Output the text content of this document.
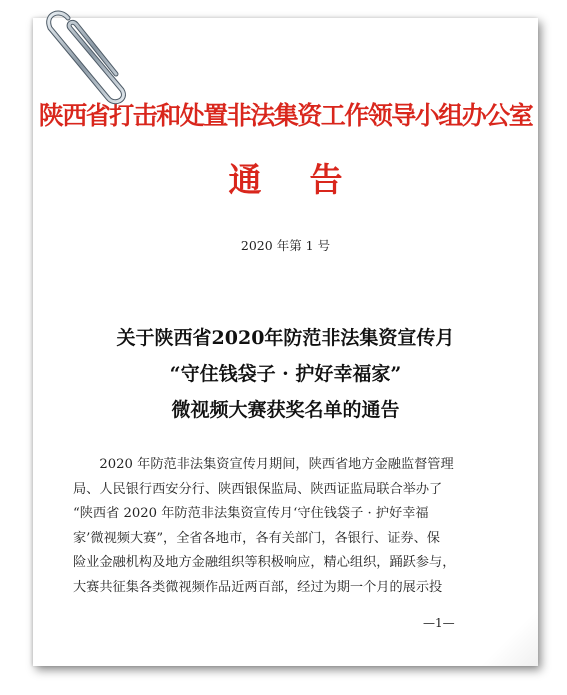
陕西省打击和处置非法集资工作领导小组办公室
通告
2020 年第 1 号
关于陕西省2020年防范非法集资宣传月
“守住钱袋子 · 护好幸福家”
微视频大赛获奖名单的通告
　　2020 年防范非法集资宣传月期间，陕西省地方金融监督管理
局、人民银行西安分行、陕西银保监局、陕西证监局联合举办了
“陕西省 2020 年防范非法集资宣传月‘守住钱袋子 · 护好幸福
家’微视频大赛”，全省各地市，各有关部门，各银行、证券、保
险业金融机构及地方金融组织等积极响应，精心组织，踊跃参与，
大赛共征集各类微视频作品近两百部，经过为期一个月的展示投
—1—
